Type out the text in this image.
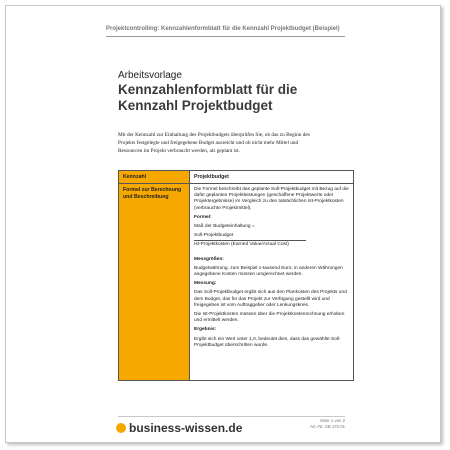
Projektcontrolling: Kennzahlenformblatt für die Kennzahl Projektbudget (Beispiel)
Arbeitsvorlage
Kennzahlenformblatt für die Kennzahl Projektbudget
Mit der Kennzahl zur Einhaltung des Projektbudgets überprüfen Sie, ob das zu Beginn des Projekts festgelegte und freigegebene Budget ausreicht und ob nicht mehr Mittel und Ressourcen im Projekt verbraucht werden, als geplant ist.
Kennzahl	Projektbudget
Formel zur Berechnung und Beschreibung

Die Formel beschreibt das geplante Soll-Projektbudget mit Bezug auf die dafür geplanten Projektleistungen (geschaffene Projektwerte oder Projektergebnisse) im Vergleich zu den tatsächlichen Ist-Projektkosten (verbrauchte Projektmittel).

Formel:

Maß der Budgeteinhaltung =

Soll-Projektbudget

Ist-Projektkosten (Earned Value/Actual Cost)

Messgrößen:

Budgetwährung, zum Beispiel x-tausend Euro; in anderen Währungen angegebene Kosten müssen umgerechnet werden.

Messung:

Das Soll-Projektbudget ergibt sich aus den Plankosten des Projekts und dem Budget, das für das Projekt zur Verfügung gestellt wird und freigegeben ist vom Auftraggeber oder Lenkungskreis.

Die Ist-Projektkosten müssen über die Projektkostenrechnung erhoben und ermittelt werden.

Ergebnis:

Ergibt sich ein Wert unter 1,0, bedeutet dies, dass das gewählte Soll-Projektbudget überschritten wurde.

business-wissen.de
Seite 1 von 2
Art.-Nr. SB.170.01
